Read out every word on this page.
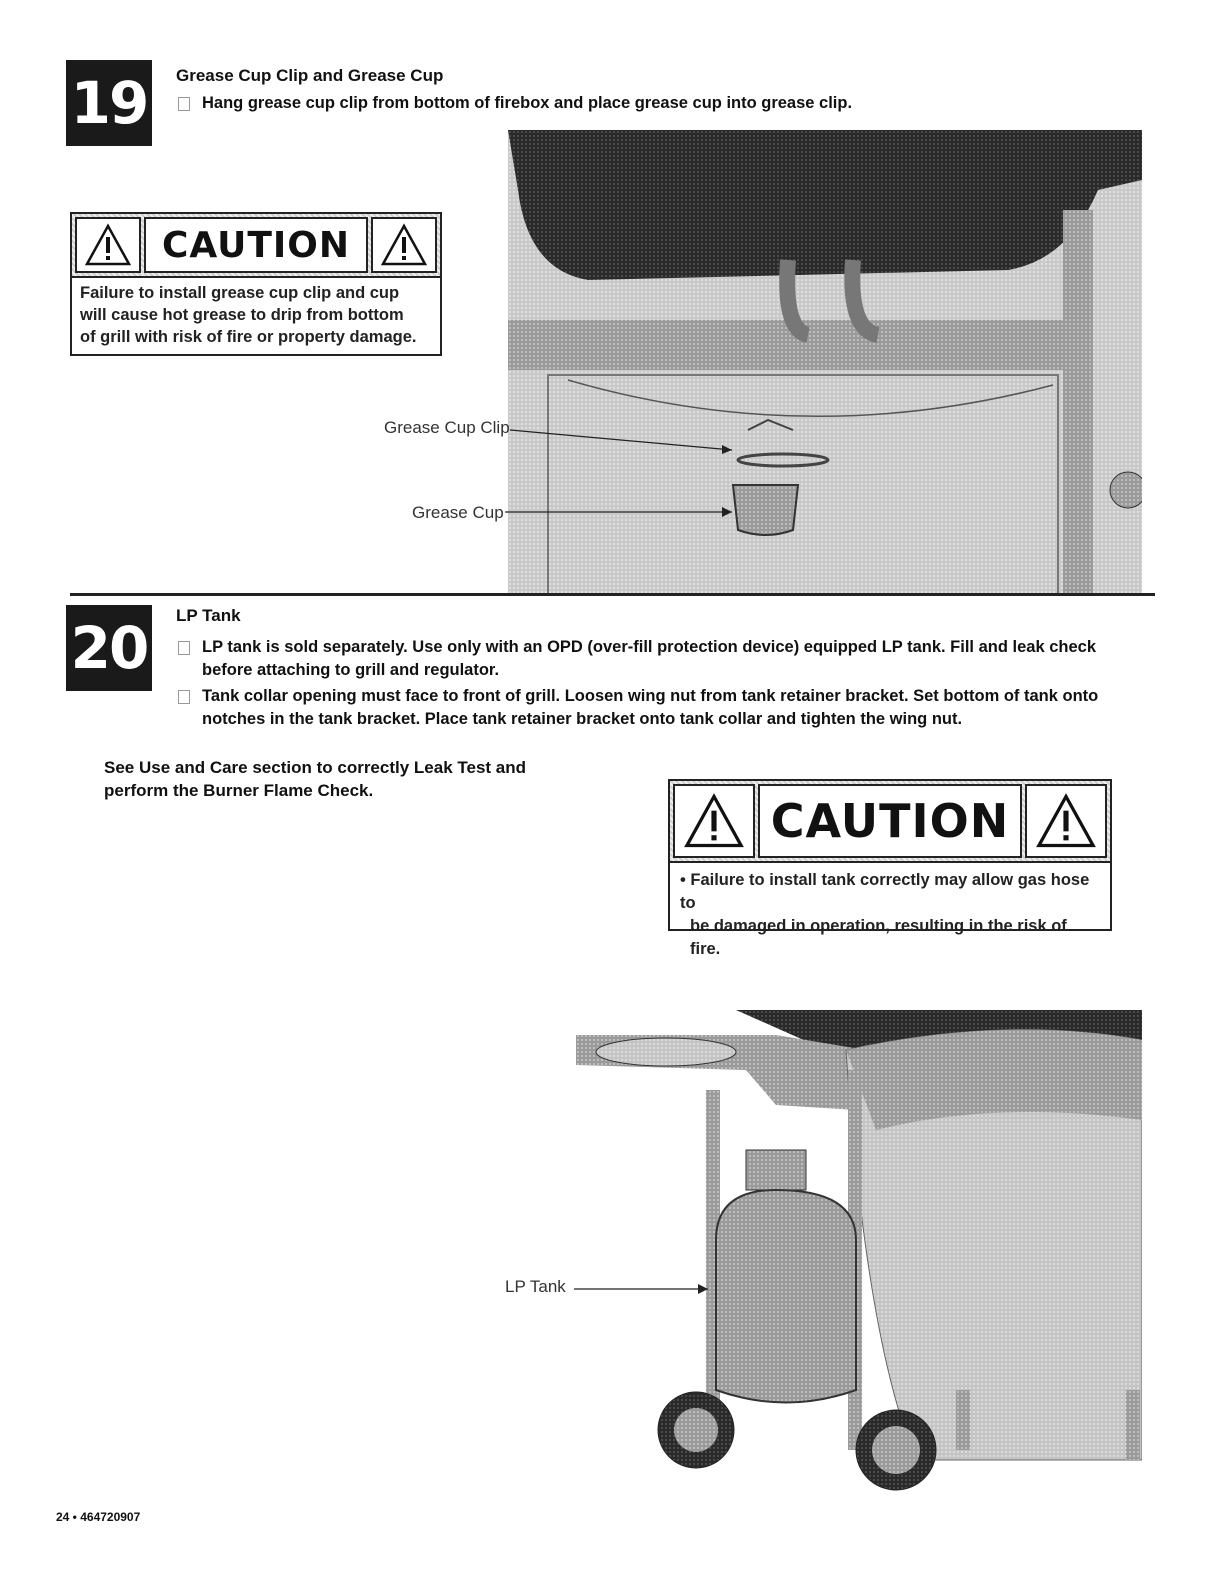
19 Grease Cup Clip and Grease Cup
Hang grease cup clip from bottom of firebox and place grease cup into grease clip.
CAUTION
Failure to install grease cup clip and cup
will cause hot grease to drip from bottom
of grill with risk of fire or property damage.
Grease Cup Clip
Grease Cup
20 LP Tank
LP tank is sold separately. Use only with an OPD (over-fill protection device) equipped LP tank. Fill and leak check before attaching to grill and regulator.
Tank collar opening must face to front of grill. Loosen wing nut from tank retainer bracket. Set bottom of tank onto notches in the tank bracket. Place tank retainer bracket onto tank collar and tighten the wing nut.
See Use and Care section to correctly Leak Test and
perform the Burner Flame Check.
CAUTION
• Failure to install tank correctly may allow gas hose to
be damaged in operation, resulting in the risk of fire.
LP Tank
24 • 464720907
